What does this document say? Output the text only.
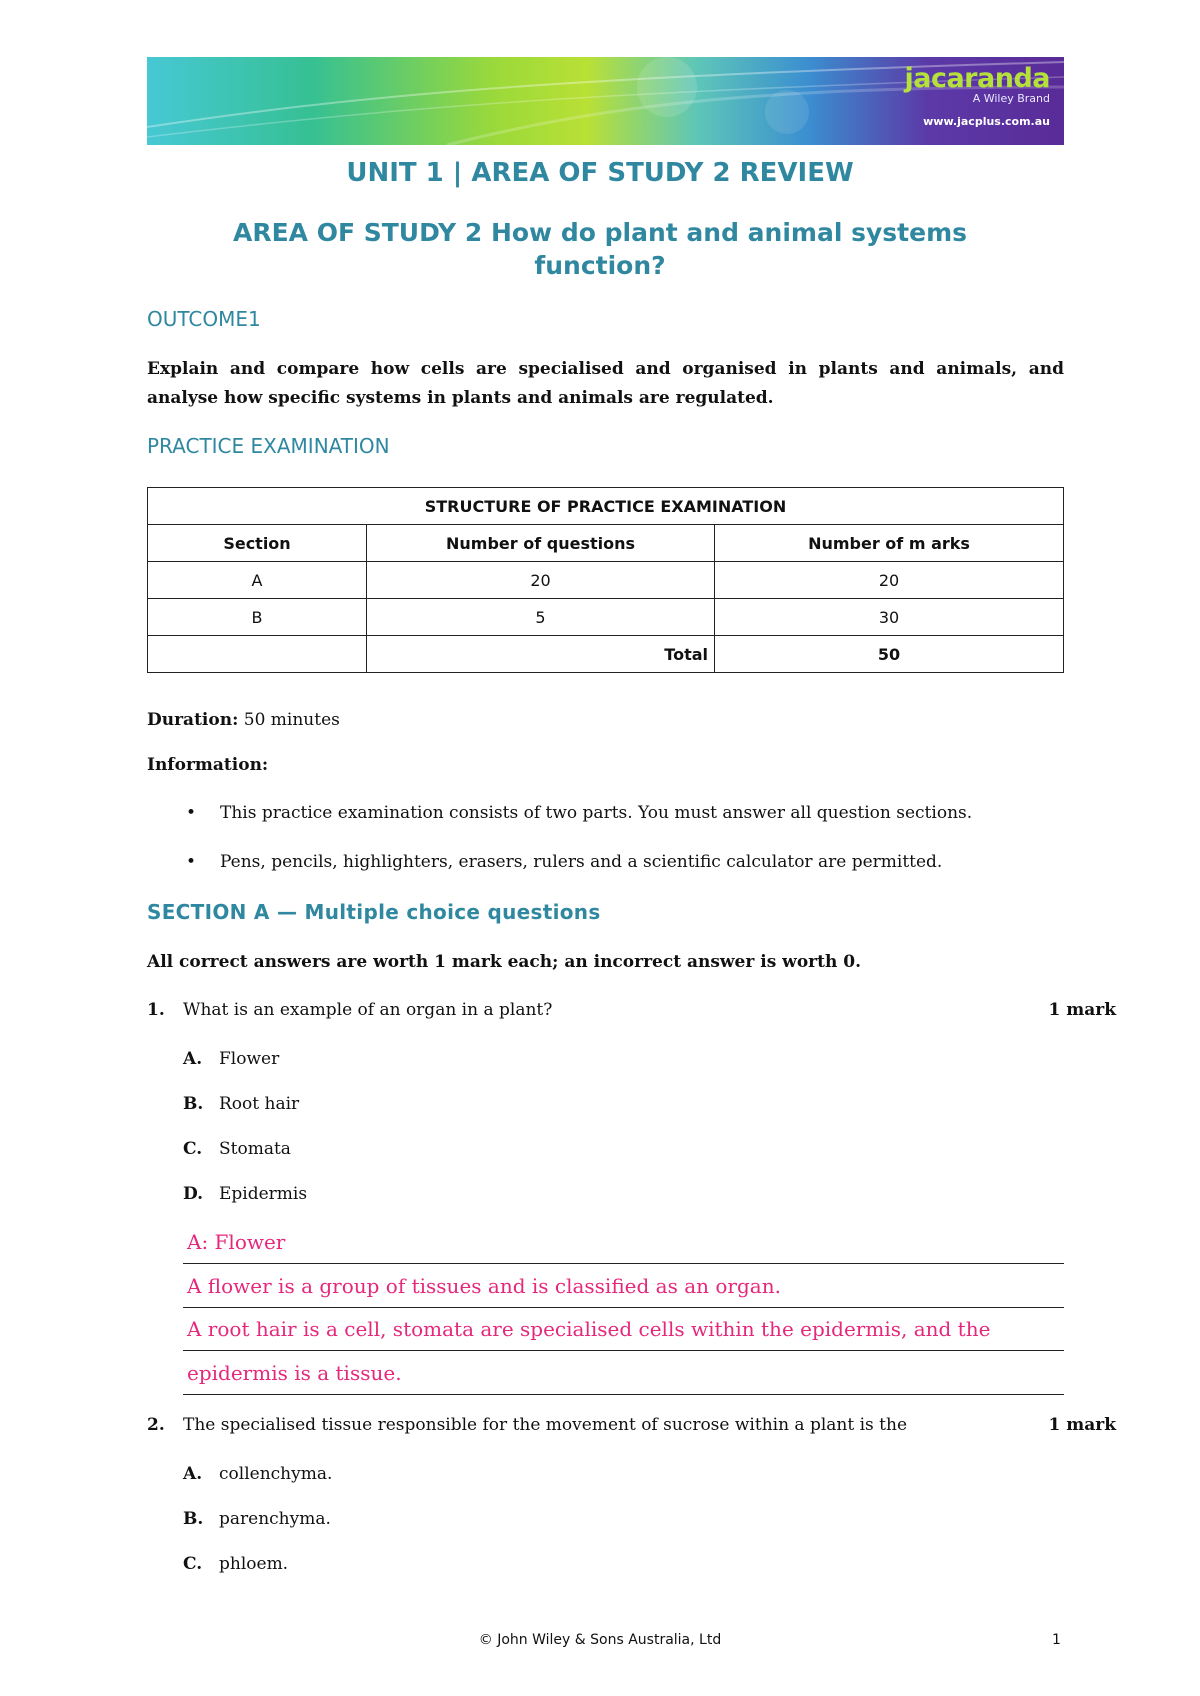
jacaranda
A Wiley Brand
www.jacplus.com.au
UNIT 1 | AREA OF STUDY 2 REVIEW
AREA OF STUDY 2 How do plant and animal systems function?
OUTCOME1
Explain and compare how cells are specialised and organised in plants and animals, and analyse how specific systems in plants and animals are regulated.
PRACTICE EXAMINATION
STRUCTURE OF PRACTICE EXAMINATION		
Section	Number of questions	Number of m arks
A	20	20
B	5	30
	Total	50
Duration: 50 minutes
Information:
• This practice examination consists of two parts. You must answer all question sections.
• Pens, pencils, highlighters, erasers, rulers and a scientific calculator are permitted.
SECTION A — Multiple choice questions
All correct answers are worth 1 mark each; an incorrect answer is worth 0.
1. What is an example of an organ in a plant?	1 mark
A. Flower
B. Root hair
C. Stomata
D. Epidermis
A: Flower
A flower is a group of tissues and is classified as an organ.
A root hair is a cell, stomata are specialised cells within the epidermis, and the
epidermis is a tissue.
2. The specialised tissue responsible for the movement of sucrose within a plant is the	1 mark
A. collenchyma.
B. parenchyma.
C. phloem.
© John Wiley & Sons Australia, Ltd	1
